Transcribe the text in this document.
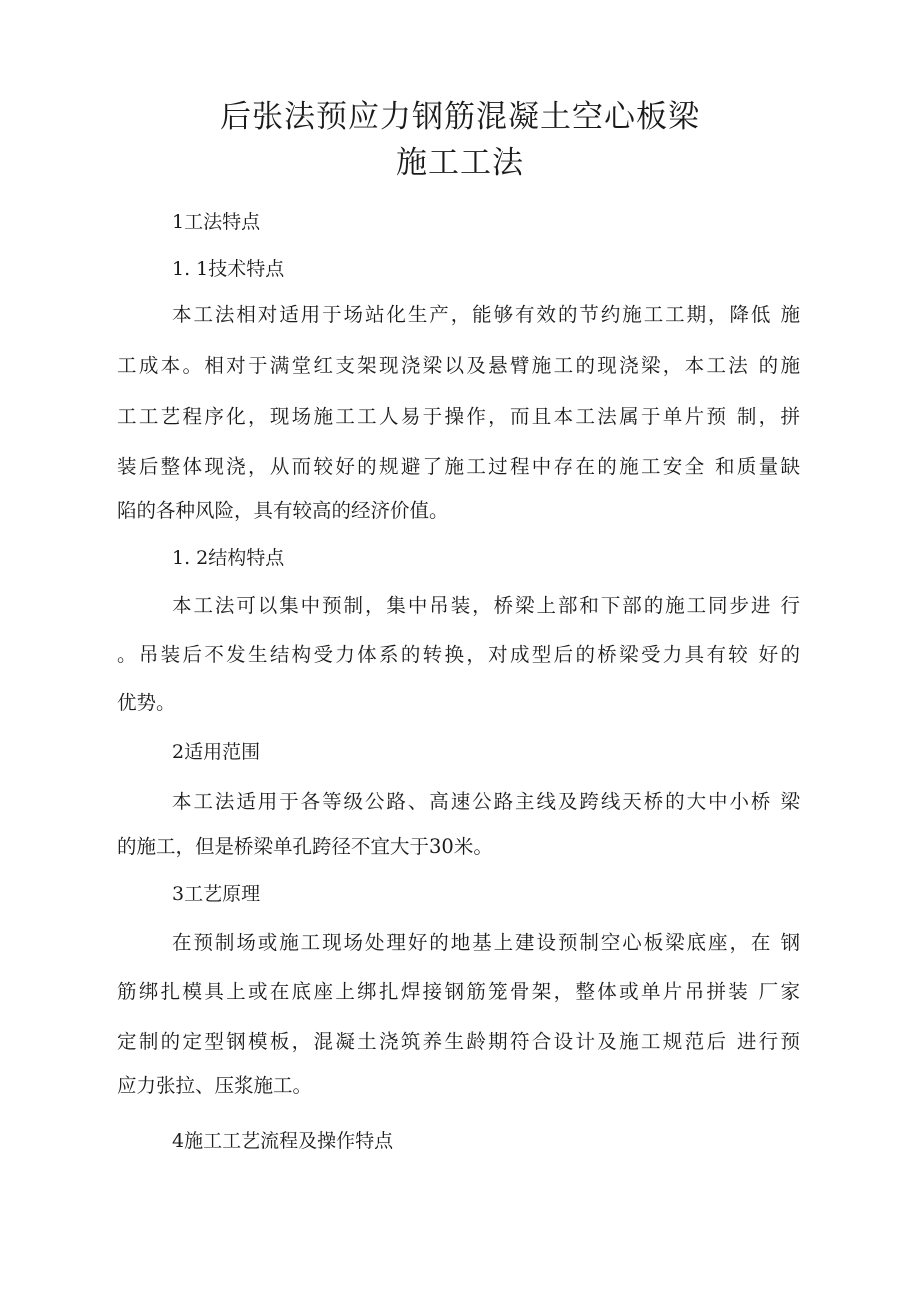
后张法预应力钢筋混凝土空心板梁
施工工法
1工法特点
1. 1技术特点
本工法相对适用于场站化生产，能够有效的节约施工工期，降低 施
工成本。相对于满堂红支架现浇梁以及悬臂施工的现浇梁，本工法 的施
工工艺程序化，现场施工工人易于操作，而且本工法属于单片预 制，拼
装后整体现浇，从而较好的规避了施工过程中存在的施工安全 和质量缺
陷的各种风险，具有较高的经济价值。
1. 2结构特点
本工法可以集中预制，集中吊装，桥梁上部和下部的施工同步进 行
。吊装后不发生结构受力体系的转换，对成型后的桥梁受力具有较 好的
优势。
2适用范围
本工法适用于各等级公路、高速公路主线及跨线天桥的大中小桥 梁
的施工，但是桥梁单孔跨径不宜大于30米。
3工艺原理
在预制场或施工现场处理好的地基上建设预制空心板梁底座，在 钢
筋绑扎模具上或在底座上绑扎焊接钢筋笼骨架，整体或单片吊拼装 厂家
定制的定型钢模板，混凝土浇筑养生龄期符合设计及施工规范后 进行预
应力张拉、压浆施工。
4施工工艺流程及操作特点
